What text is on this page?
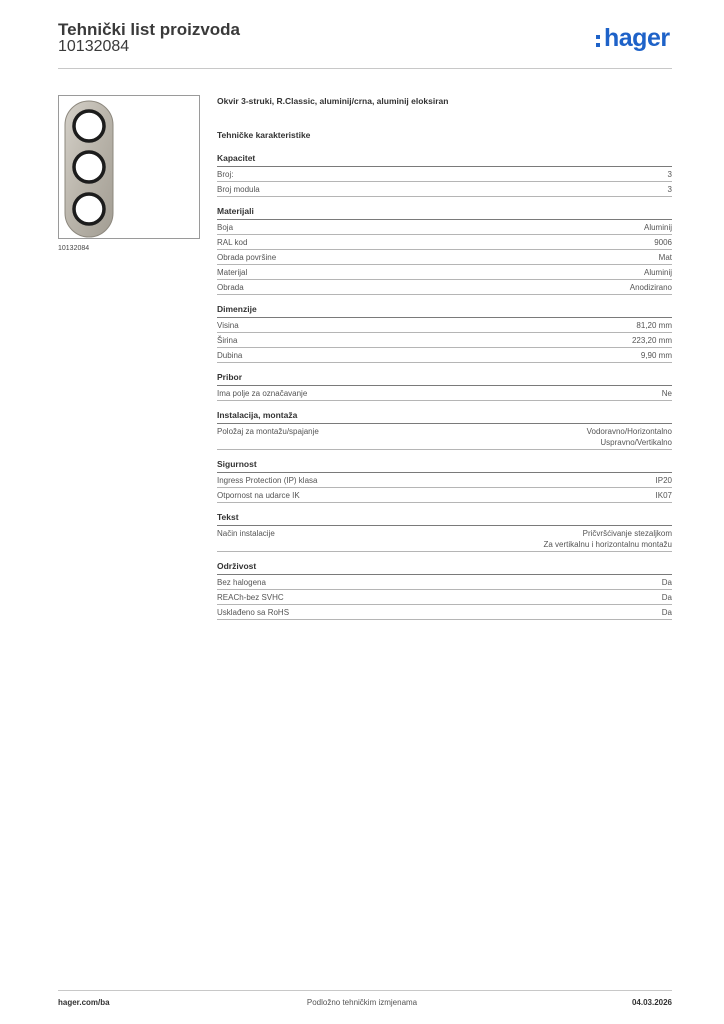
Tehnički list proizvoda
10132084	hager
10132084
Okvir 3-struki, R.Classic, aluminij/crna, aluminij eloksiran
Tehničke karakteristike
Kapacitet
Broj:	3
Broj modula	3
Materijali
Boja	Aluminij
RAL kod	9006
Obrada površine	Mat
Materijal	Aluminij
Obrada	Anodizirano
Dimenzije
Visina	81,20 mm
Širina	223,20 mm
Dubina	9,90 mm
Pribor
Ima polje za označavanje	Ne
Instalacija, montaža
Položaj za montažu/spajanje	Vodoravno/Horizontalno
Uspravno/Vertikalno
Sigurnost
Ingress Protection (IP) klasa	IP20
Otpornost na udarce IK	IK07
Tekst
Način instalacije	Pričvršćivanje stezaljkom
Za vertikalnu i horizontalnu montažu
Održivost
Bez halogena	Da
REACh-bez SVHC	Da
Usklađeno sa RoHS	Da
hager.com/ba	Podložno tehničkim izmjenama	04.03.2026
